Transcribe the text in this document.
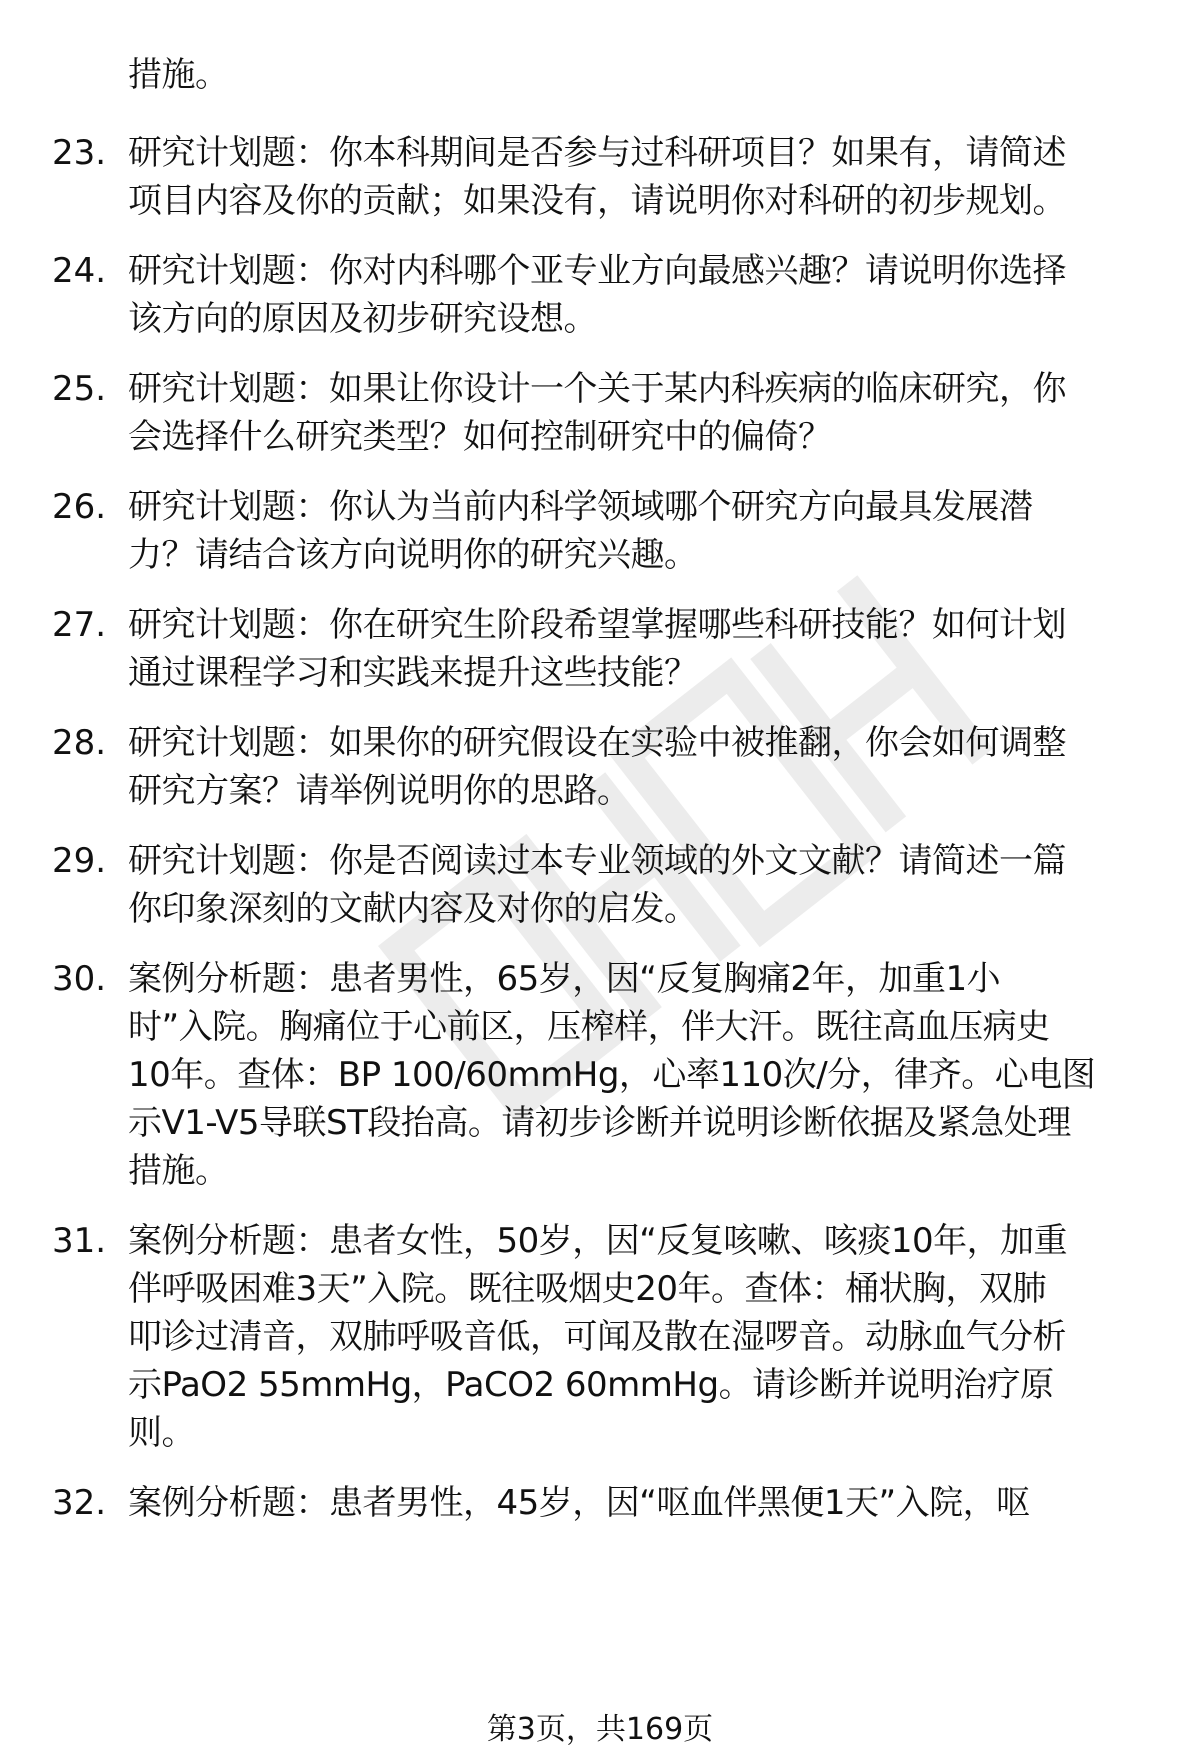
措施。
23. 研究计划题：你本科期间是否参与过科研项目？如果有，请简述
项目内容及你的贡献；如果没有，请说明你对科研的初步规划。
24. 研究计划题：你对内科哪个亚专业方向最感兴趣？请说明你选择
该方向的原因及初步研究设想。
25. 研究计划题：如果让你设计一个关于某内科疾病的临床研究，你
会选择什么研究类型？如何控制研究中的偏倚？
26. 研究计划题：你认为当前内科学领域哪个研究方向最具发展潜
力？请结合该方向说明你的研究兴趣。
27. 研究计划题：你在研究生阶段希望掌握哪些科研技能？如何计划
通过课程学习和实践来提升这些技能？
28. 研究计划题：如果你的研究假设在实验中被推翻，你会如何调整
研究方案？请举例说明你的思路。
29. 研究计划题：你是否阅读过本专业领域的外文文献？请简述一篇
你印象深刻的文献内容及对你的启发。
30. 案例分析题：患者男性，65岁，因“反复胸痛2年，加重1小
时”入院。胸痛位于心前区，压榨样，伴大汗。既往高血压病史
10年。查体：BP 100/60mmHg，心率110次/分，律齐。心电图
示V1-V5导联ST段抬高。请初步诊断并说明诊断依据及紧急处理
措施。
31. 案例分析题：患者女性，50岁，因“反复咳嗽、咳痰10年，加重
伴呼吸困难3天”入院。既往吸烟史20年。查体：桶状胸，双肺
叩诊过清音，双肺呼吸音低，可闻及散在湿啰音。动脉血气分析
示PaO2 55mmHg，PaCO2 60mmHg。请诊断并说明治疗原
则。
32. 案例分析题：患者男性，45岁，因“呕血伴黑便1天”入院，呕
第3页，共169页
